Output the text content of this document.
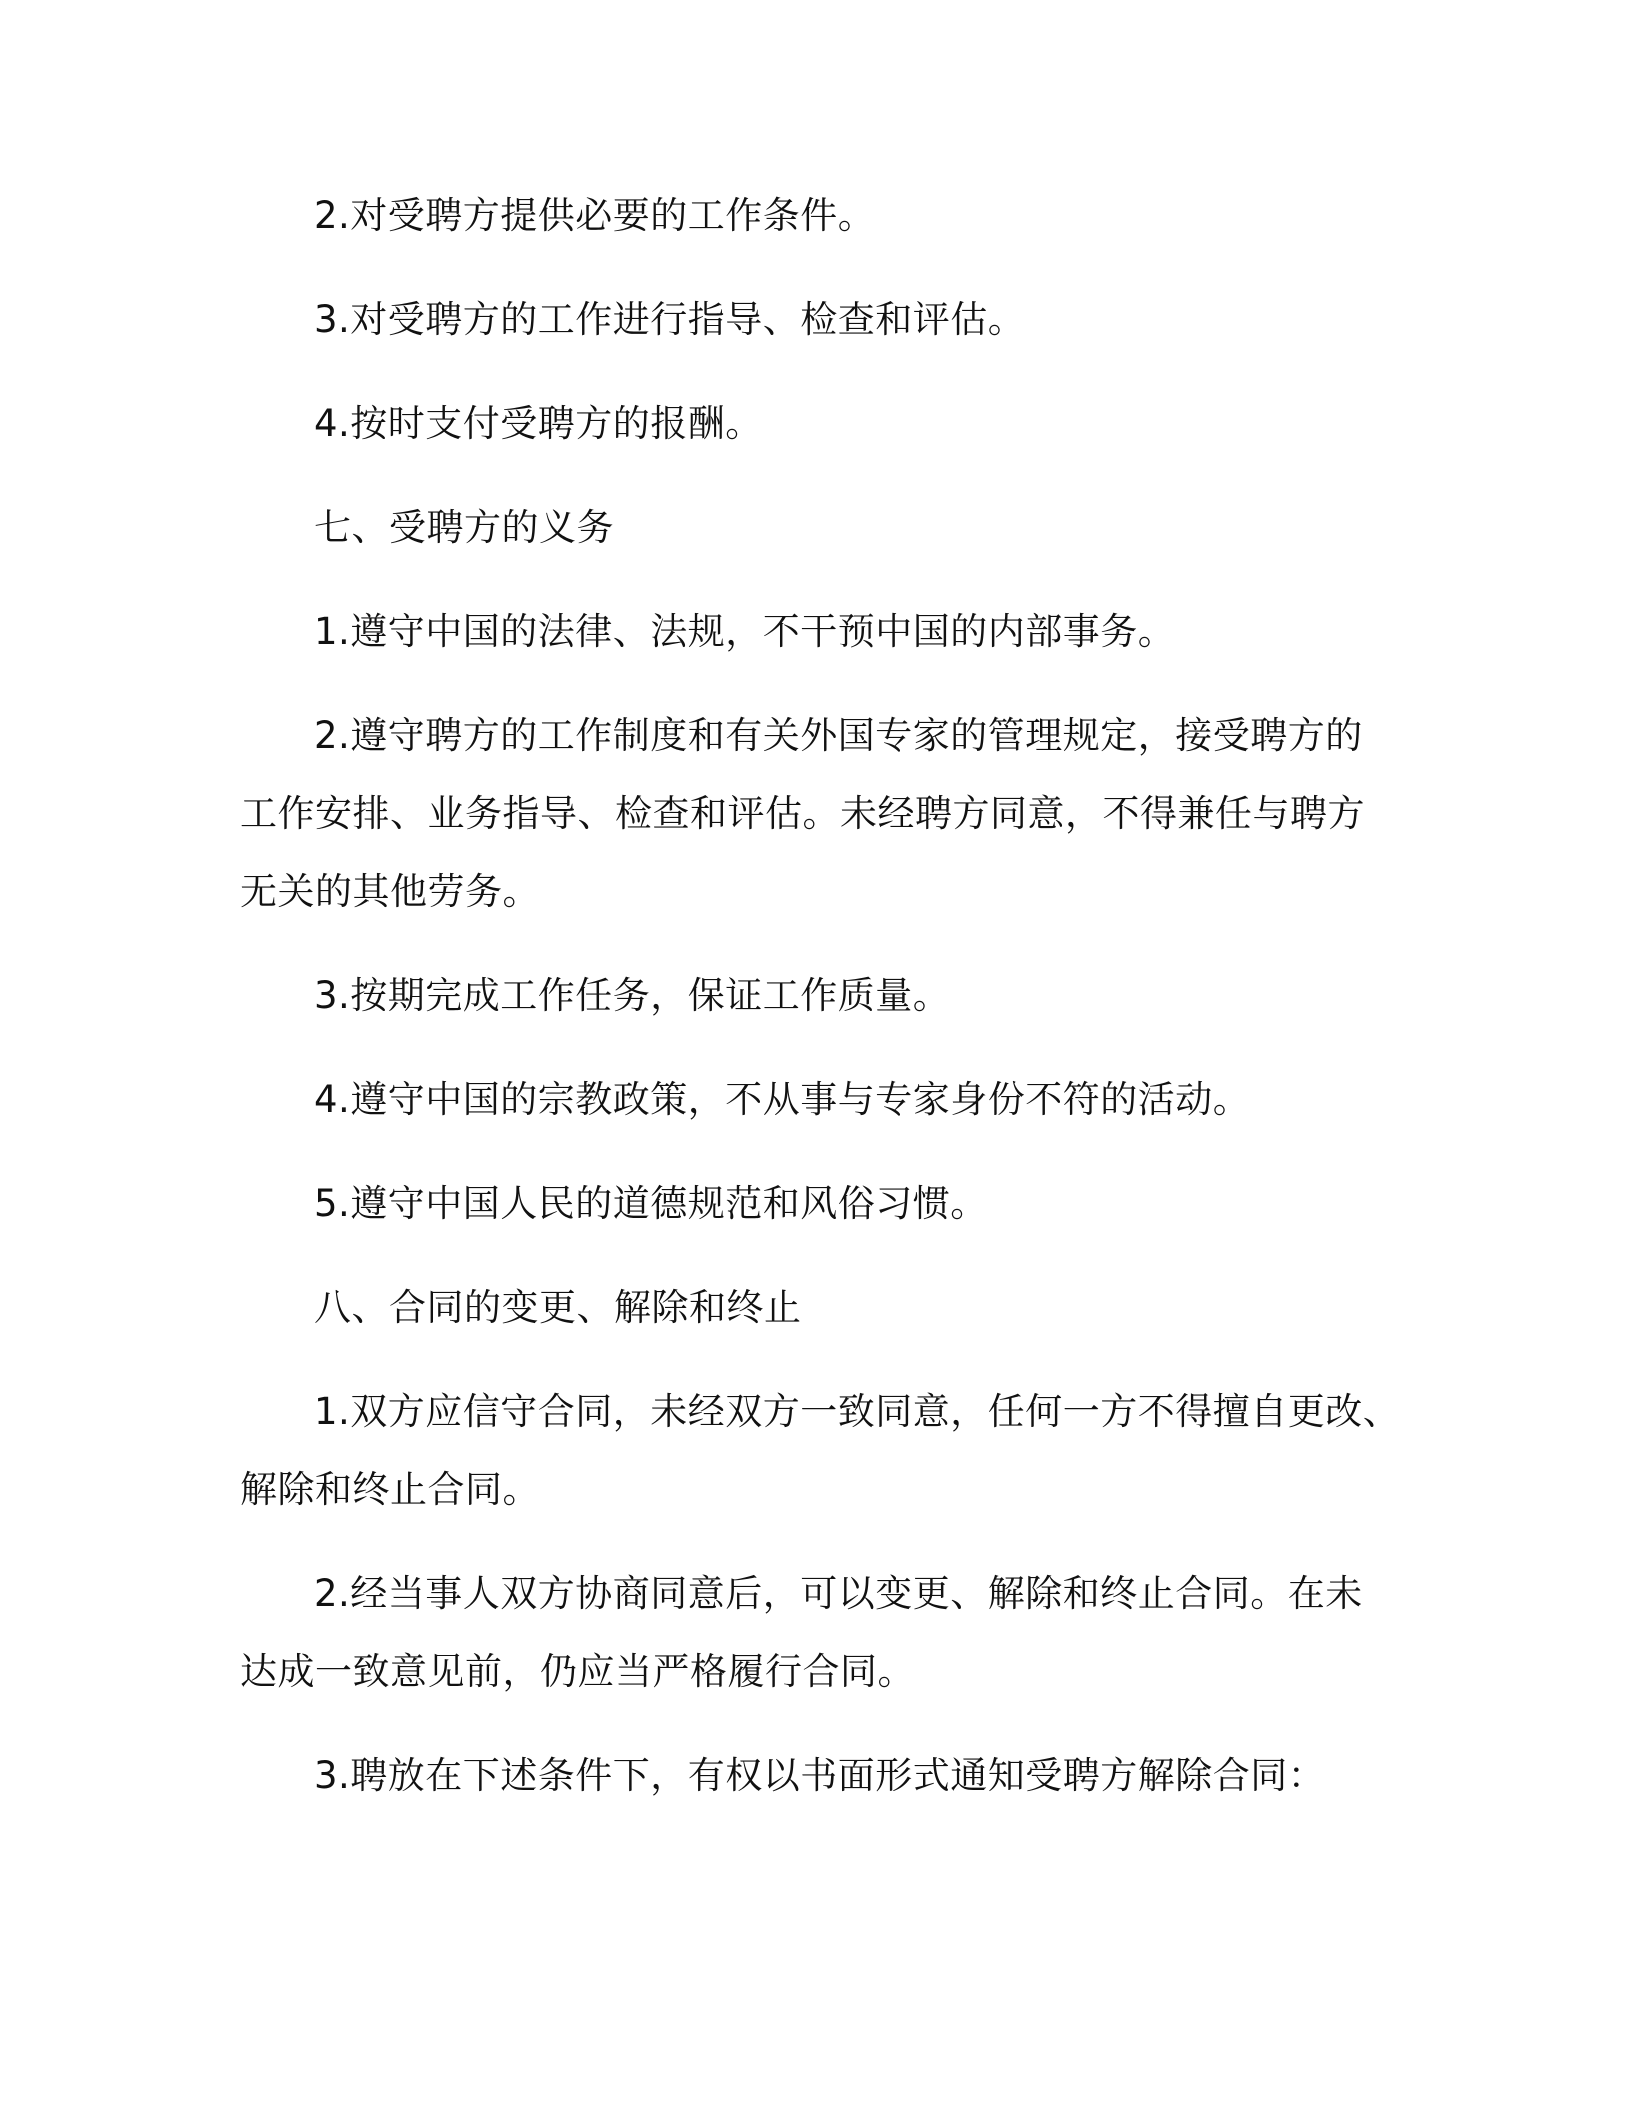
2.对受聘方提供必要的工作条件。
3.对受聘方的工作进行指导、检查和评估。
4.按时支付受聘方的报酬。
七、受聘方的义务
1.遵守中国的法律、法规，不干预中国的内部事务。
2.遵守聘方的工作制度和有关外国专家的管理规定，接受聘方的
工作安排、业务指导、检查和评估。未经聘方同意，不得兼任与聘方
无关的其他劳务。
3.按期完成工作任务，保证工作质量。
4.遵守中国的宗教政策，不从事与专家身份不符的活动。
5.遵守中国人民的道德规范和风俗习惯。
八、合同的变更、解除和终止
1.双方应信守合同，未经双方一致同意，任何一方不得擅自更改、
解除和终止合同。
2.经当事人双方协商同意后，可以变更、解除和终止合同。在未
达成一致意见前，仍应当严格履行合同。
3.聘放在下述条件下，有权以书面形式通知受聘方解除合同：
